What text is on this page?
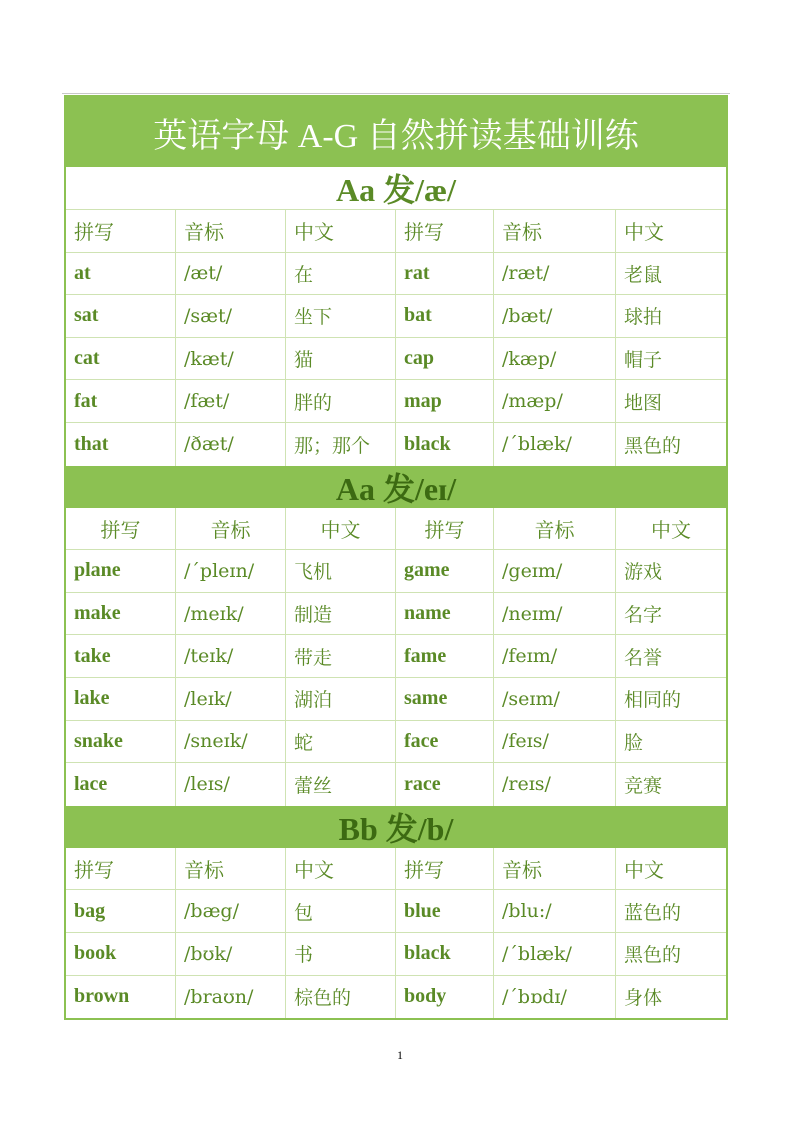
英语字母 A-G 自然拼读基础训练
Aa 发/æ/
拼写	音标	中文	拼写	音标	中文
at	/æt/	在	rat	/ræt/	老鼠
sat	/sæt/	坐下	bat	/bæt/	球拍
cat	/kæt/	猫	cap	/kæp/	帽子
fat	/fæt/	胖的	map	/mæp/	地图
that	/ðæt/	那；那个	black	/´blæk/	黑色的
Aa 发/eɪ/
拼写	音标	中文	拼写	音标	中文
plane	/´pleɪn/	飞机	game	/geɪm/	游戏
make	/meɪk/	制造	name	/neɪm/	名字
take	/teɪk/	带走	fame	/feɪm/	名誉
lake	/leɪk/	湖泊	same	/seɪm/	相同的
snake	/sneɪk/	蛇	face	/feɪs/	脸
lace	/leɪs/	蕾丝	race	/reɪs/	竞赛
Bb 发/b/
拼写	音标	中文	拼写	音标	中文
bag	/bæg/	包	blue	/blu:/	蓝色的
book	/bʊk/	书	black	/´blæk/	黑色的
brown	/braʊn/	棕色的	body	/´bɒdɪ/	身体
1
